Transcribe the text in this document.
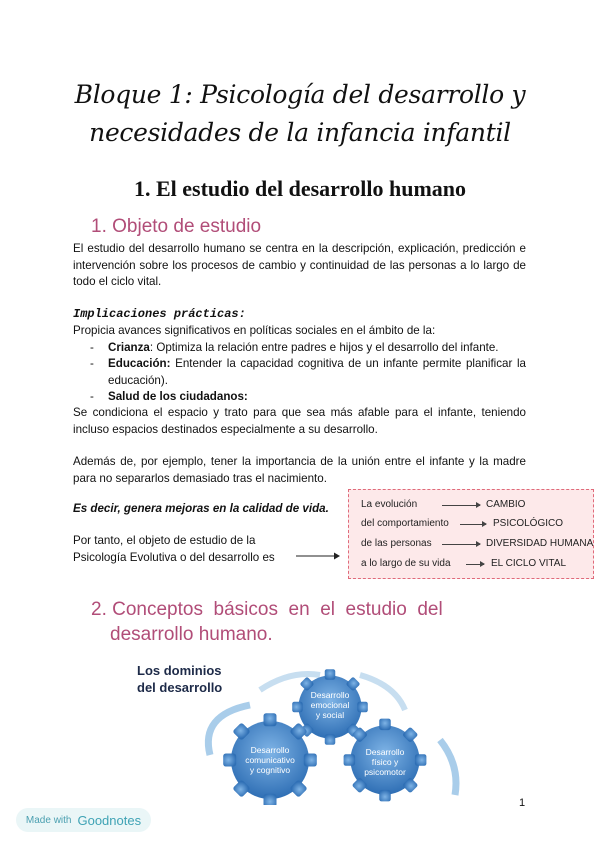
Bloque 1: Psicología del desarrollo y
necesidades de la infancia infantil
1. El estudio del desarrollo humano
1. Objeto de estudio
El estudio del desarrollo humano se centra en la descripción, explicación, predicción e intervención sobre los procesos de cambio y continuidad de las personas a lo largo de todo el ciclo vital.
Implicaciones prácticas:
Propicia avances significativos en políticas sociales en el ámbito de la:
- Crianza: Optimiza la relación entre padres e hijos y el desarrollo del infante.
- Educación: Entender la capacidad cognitiva de un infante permite planificar la educación).
- Salud de los ciudadanos:
Se condiciona el espacio y trato para que sea más afable para el infante, teniendo incluso espacios destinados especialmente a su desarrollo.
Además de, por ejemplo, tener la importancia de la unión entre el infante y la madre para no separarlos demasiado tras el nacimiento.
Es decir, genera mejoras en la calidad de vida.
Por tanto, el objeto de estudio de la
Psicología Evolutiva o del desarrollo es
La evolución	CAMBIO
del comportamiento	PSICOLÓGICO
de las personas	DIVERSIDAD HUMANA
a lo largo de su vida	EL CICLO VITAL
2. Conceptos  básicos  en  el  estudio  del
desarrollo humano.
Los dominios
del desarrollo	Desarrollo
emocional
y social
Desarrollo
comunicativo
y cognitivo
Desarrollo
físico y
psicomotor
1
Made with Goodnotes
